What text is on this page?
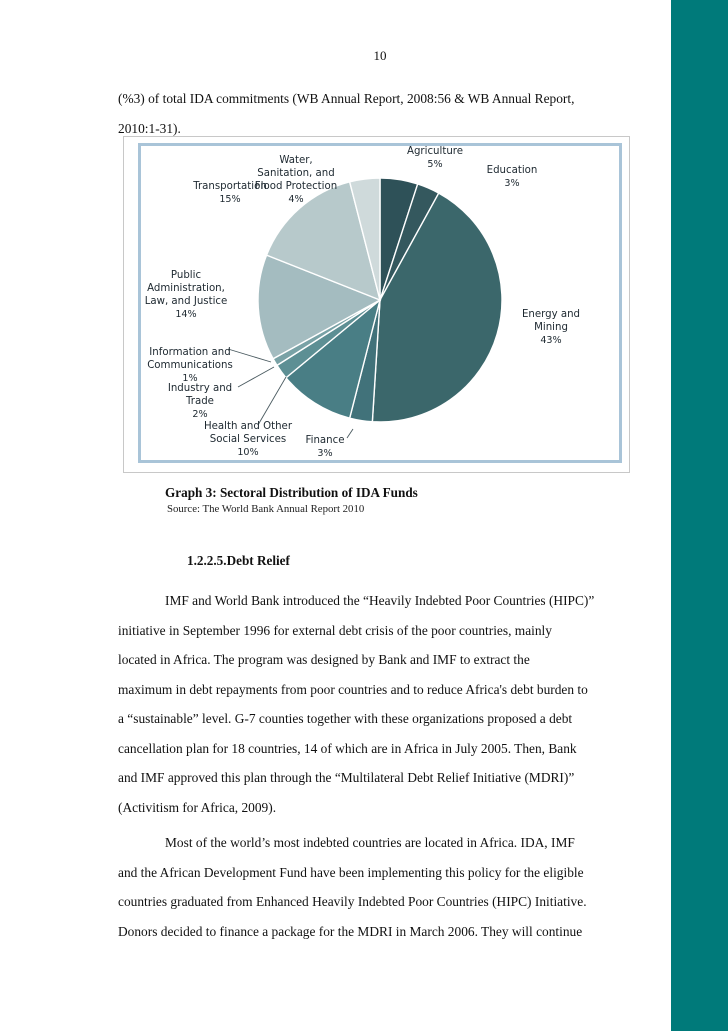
10

(%3) of total IDA commitments (WB Annual Report, 2008:56 & WB Annual Report,
2010:1-31).

Agriculture 5%
Education 3%
Energy and Mining 43%
Finance 3%
Health and Other Social Services 10%
Industry and Trade 2%
Information and Communications 1%
Public Administration, Law, and Justice 14%
Transportation 15%
Water, Sanitation, and Flood Protection 4%
Graph 3: Sectoral Distribution of IDA Funds
Source: The World Bank Annual Report 2010
1.2.2.5.Debt Relief

IMF and World Bank introduced the “Heavily Indebted Poor Countries (HIPC)”
initiative in September 1996 for external debt crisis of the poor countries, mainly
located in Africa. The program was designed by Bank and IMF to extract the
maximum in debt repayments from poor countries and to reduce Africa's debt burden to
a “sustainable” level. G-7 counties together with these organizations proposed a debt
cancellation plan for 18 countries, 14 of which are in Africa in July 2005. Then, Bank
and IMF approved this plan through the “Multilateral Debt Relief Initiative (MDRI)”
(Activitism for Africa, 2009).

Most of the world’s most indebted countries are located in Africa. IDA, IMF
and the African Development Fund have been implementing this policy for the eligible
countries graduated from Enhanced Heavily Indebted Poor Countries (HIPC) Initiative.
Donors decided to finance a package for the MDRI in March 2006. They will continue
